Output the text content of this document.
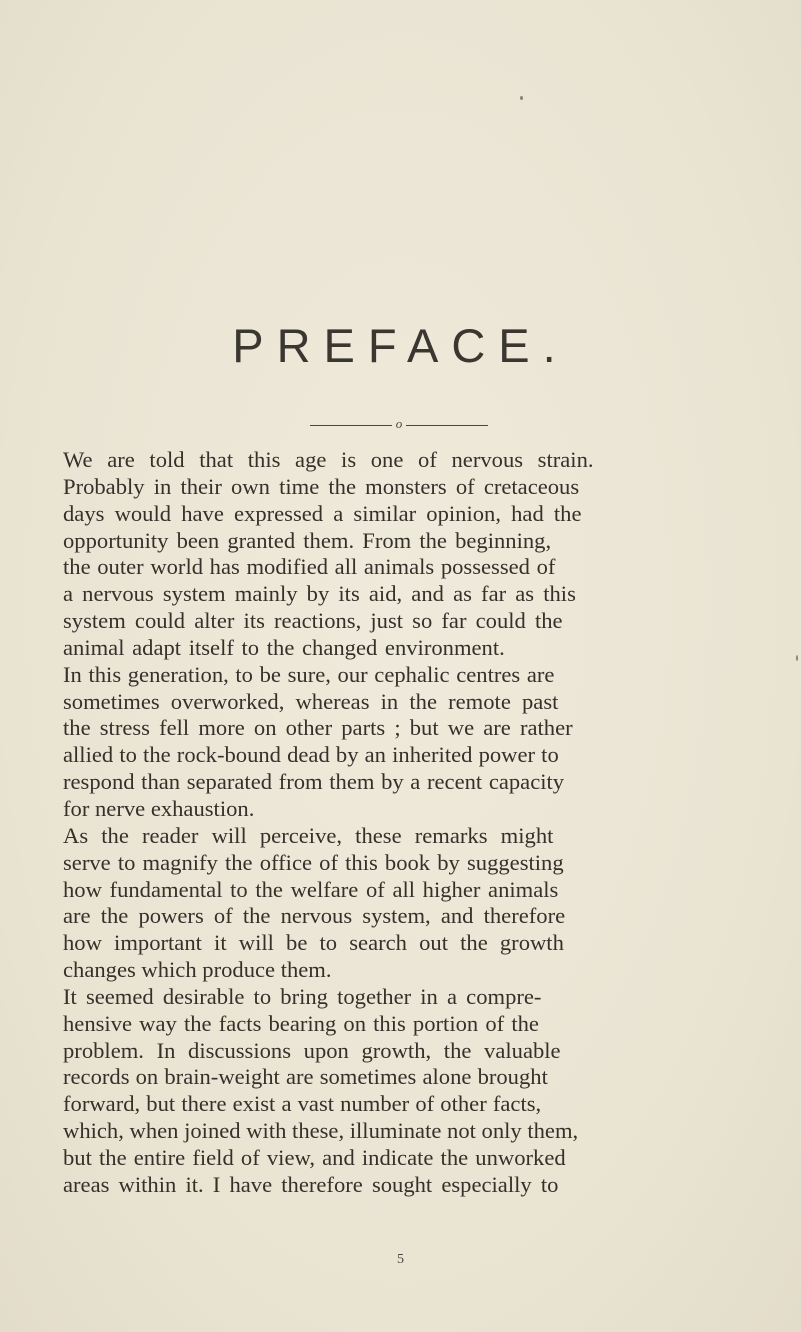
PREFACE.
o
We are told that this age is one of nervous strain.
Probably in their own time the monsters of cretaceous
days would have expressed a similar opinion, had the
opportunity been granted them. From the beginning,
the outer world has modified all animals possessed of
a nervous system mainly by its aid, and as far as this
system could alter its reactions, just so far could the
animal adapt itself to the changed environment.
In this generation, to be sure, our cephalic centres are
sometimes overworked, whereas in the remote past
the stress fell more on other parts ; but we are rather
allied to the rock-bound dead by an inherited power to
respond than separated from them by a recent capacity
for nerve exhaustion.
As the reader will perceive, these remarks might
serve to magnify the office of this book by suggesting
how fundamental to the welfare of all higher animals
are the powers of the nervous system, and therefore
how important it will be to search out the growth
changes which produce them.
It seemed desirable to bring together in a compre-
hensive way the facts bearing on this portion of the
problem. In discussions upon growth, the valuable
records on brain-weight are sometimes alone brought
forward, but there exist a vast number of other facts,
which, when joined with these, illuminate not only them,
but the entire field of view, and indicate the unworked
areas within it. I have therefore sought especially to
5
